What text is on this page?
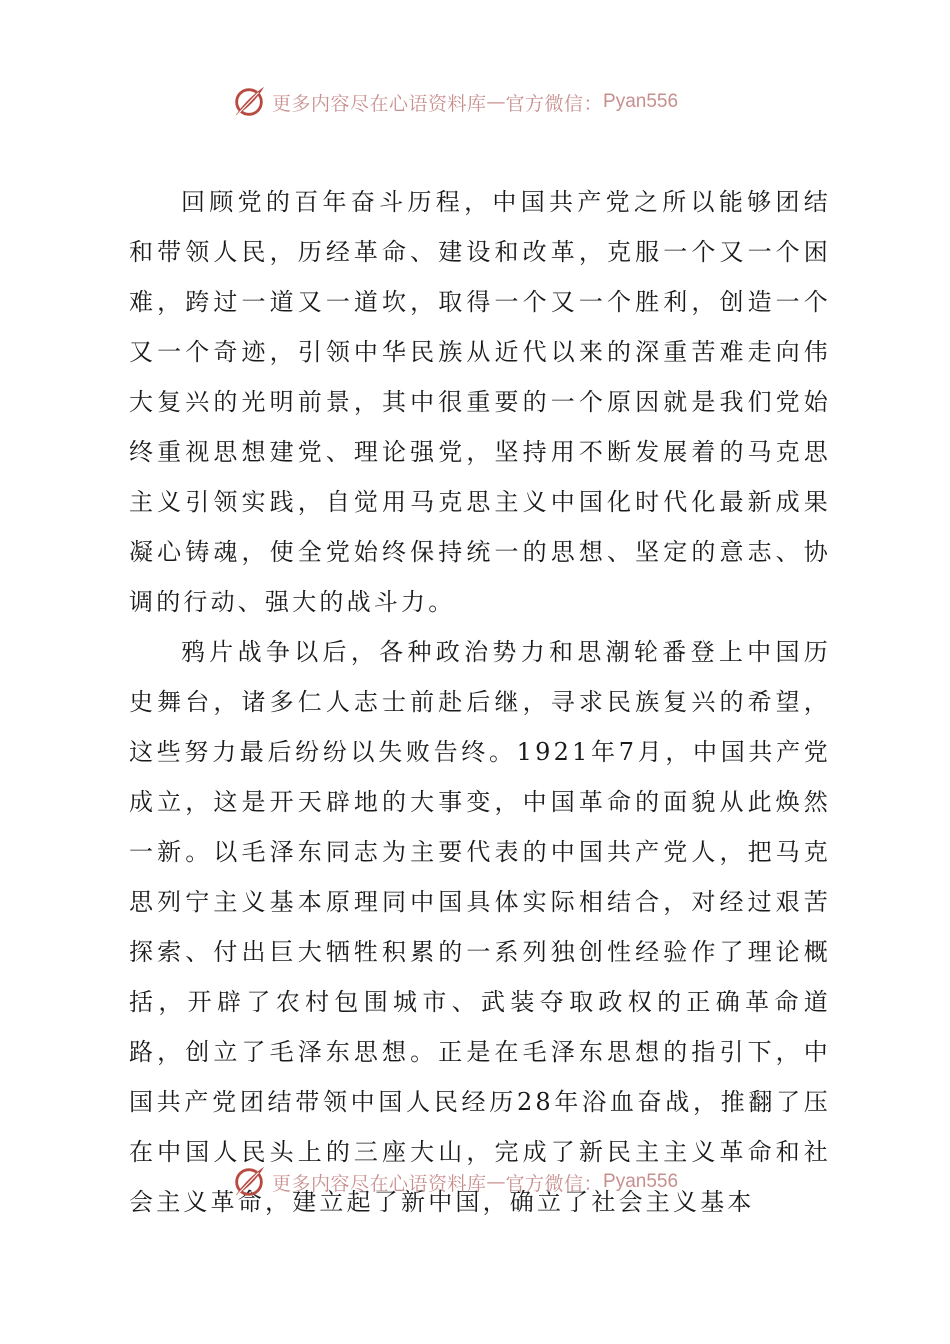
更多内容尽在心语资料库 — 官方微信： Pyan556

回顾党的百年奋斗历程，中国共产党之所以能够团结和带领人民，历经革命、建设和改革，克服一个又一个困难，跨过一道又一道坎，取得一个又一个胜利，创造一个又一个奇迹，引领中华民族从近代以来的深重苦难走向伟大复兴的光明前景，其中很重要的一个原因就是我们党始终重视思想建党、理论强党，坚持用不断发展着的马克思主义引领实践，自觉用马克思主义中国化时代化最新成果凝心铸魂，使全党始终保持统一的思想、坚定的意志、协调的行动、强大的战斗力。

鸦片战争以后，各种政治势力和思潮轮番登上中国历史舞台，诸多仁人志士前赴后继，寻求民族复兴的希望，这些努力最后纷纷以失败告终。1921年7月，中国共产党成立，这是开天辟地的大事变，中国革命的面貌从此焕然一新。以毛泽东同志为主要代表的中国共产党人，把马克思列宁主义基本原理同中国具体实际相结合，对经过艰苦探索、付出巨大牺牲积累的一系列独创性经验作了理论概括，开辟了农村包围城市、武装夺取政权的正确革命道路，创立了毛泽东思想。正是在毛泽东思想的指引下，中国共产党团结带领中国人民经历28年浴血奋战，推翻了压在中国人民头上的三座大山，完成了新民主主义革命和社会主义革命，建立起了新中国，确立了社会主义基本

更多内容尽在心语资料库 — 官方微信： Pyan556
